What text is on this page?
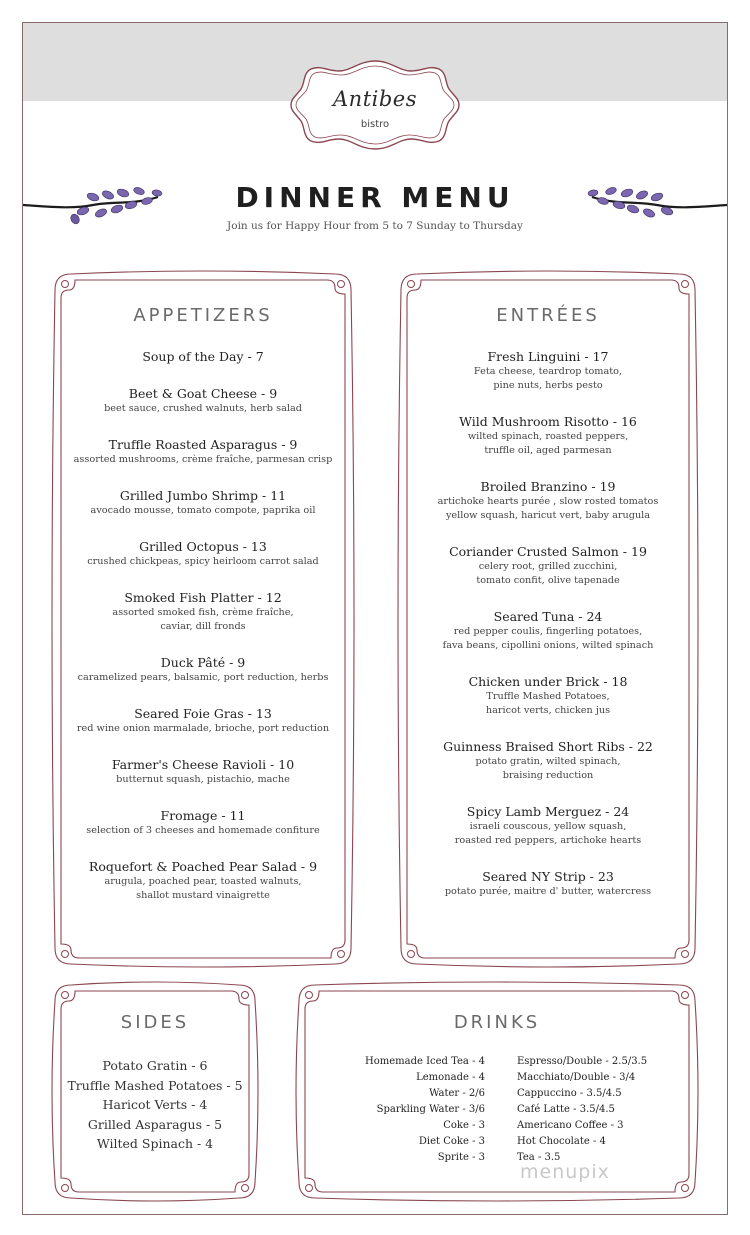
Antibes
bistro
DINNER MENU
Join us for Happy Hour from 5 to 7 Sunday to Thursday
APPETIZERS
Soup of the Day - 7
Beet & Goat Cheese - 9
beet sauce, crushed walnuts, herb salad
Truffle Roasted Asparagus - 9
assorted mushrooms, crème fraîche, parmesan crisp
Grilled Jumbo Shrimp - 11
avocado mousse, tomato compote, paprika oil
Grilled Octopus - 13
crushed chickpeas, spicy heirloom carrot salad
Smoked Fish Platter - 12
assorted smoked fish, crème fraîche,
caviar, dill fronds
Duck Pâté - 9
caramelized pears, balsamic, port reduction, herbs
Seared Foie Gras - 13
red wine onion marmalade, brioche, port reduction
Farmer's Cheese Ravioli - 10
butternut squash, pistachio, mache
Fromage - 11
selection of 3 cheeses and homemade confiture
Roquefort & Poached Pear Salad - 9
arugula, poached pear, toasted walnuts,
shallot mustard vinaigrette
ENTRÉES
Fresh Linguini - 17
Feta cheese, teardrop tomato,
pine nuts, herbs pesto
Wild Mushroom Risotto - 16
wilted spinach, roasted peppers,
truffle oil, aged parmesan
Broiled Branzino - 19
artichoke hearts purée , slow rosted tomatos
yellow squash, haricut vert, baby arugula
Coriander Crusted Salmon - 19
celery root, grilled zucchini,
tomato confit, olive tapenade
Seared Tuna - 24
red pepper coulis, fingerling potatoes,
fava beans, cipollini onions, wilted spinach
Chicken under Brick - 18
Truffle Mashed Potatoes,
haricot verts, chicken jus
Guinness Braised Short Ribs - 22
potato gratin, wilted spinach,
braising reduction
Spicy Lamb Merguez - 24
israeli couscous, yellow squash,
roasted red peppers, artichoke hearts
Seared NY Strip - 23
potato purée, maitre d' butter, watercress
SIDES
Potato Gratin - 6
Truffle Mashed Potatoes - 5
Haricot Verts - 4
Grilled Asparagus - 5
Wilted Spinach - 4
DRINKS
Homemade Iced Tea - 4
Lemonade - 4
Water - 2/6
Sparkling Water - 3/6
Coke - 3
Diet Coke - 3
Sprite - 3
Espresso/Double - 2.5/3.5
Macchiato/Double - 3/4
Cappuccino - 3.5/4.5
Café Latte - 3.5/4.5
Americano Coffee - 3
Hot Chocolate - 4
Tea - 3.5
menupix
